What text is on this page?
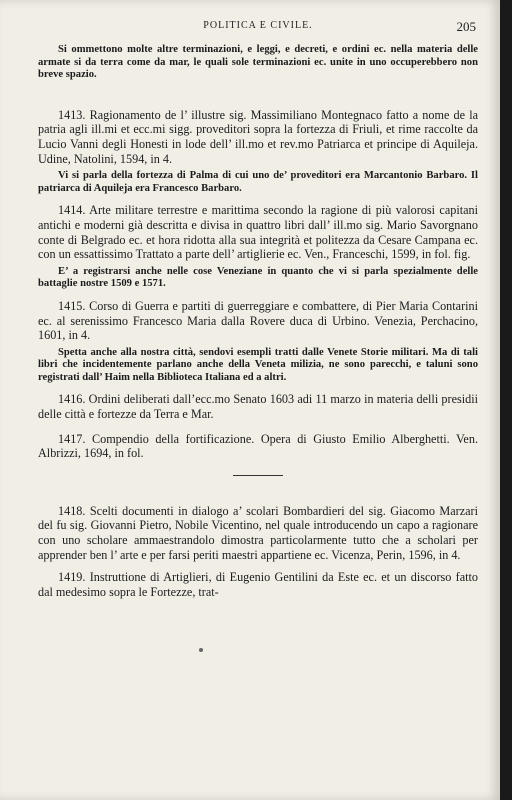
POLITICA E CIVILE.	205

Si ommettono molte altre terminazioni, e leggi, e decreti, e ordini ec. nella materia delle armate si da terra come da mar, le quali sole terminazioni ec. unite in uno occuperebbero non breve spazio.

1413. Ragionamento de l’ illustre sig. Massimiliano Montegnaco fatto a nome de la patria agli ill.mi et ecc.mi sigg. proveditori sopra la fortezza di Friuli, et rime raccolte da Lucio Vanni degli Honesti in lode dell’ ill.mo et rev.mo Patriarca et principe di Aquileja. Udine, Natolini, 1594, in 4.

Vi si parla della fortezza di Palma di cui uno de’ proveditori era Marcantonio Barbaro. Il patriarca di Aquileja era Francesco Barbaro.

1414. Arte militare terrestre e marittima secondo la ragione di più valorosi capitani antichi e moderni già descritta e divisa in quattro libri dall’ ill.mo sig. Mario Savorgnano conte di Belgrado ec. et hora ridotta alla sua integrità et politezza da Cesare Campana ec. con un essattissimo Trattato a parte dell’ artiglierie ec. Ven., Franceschi, 1599, in fol. fig.

E’ a registrarsi anche nelle cose Veneziane in quanto che vi si parla spezialmente delle battaglie nostre 1509 e 1571.

1415. Corso di Guerra e partiti di guerreggiare e combattere, di Pier Maria Contarini ec. al serenissimo Francesco Maria dalla Rovere duca di Urbino. Venezia, Perchacino, 1601, in 4.

Spetta anche alla nostra città, sendovi esempli tratti dalle Venete Storie militari. Ma di tali libri che incidentemente parlano anche della Veneta milizia, ne sono parecchi, e taluni sono registrati dall’ Haim nella Biblioteca Italiana ed a altri.

1416. Ordini deliberati dall’ecc.mo Senato 1603 adi 11 marzo in materia delli presidii delle città e fortezze da Terra e Mar.

1417. Compendio della fortificazione. Opera di Giusto Emilio Alberghetti. Ven. Albrizzi, 1694, in fol.

1418. Scelti documenti in dialogo a’ scolari Bombardieri del sig. Giacomo Marzari del fu sig. Giovanni Pietro, Nobile Vicentino, nel quale introducendo un capo a ragionare con uno scholare ammaestrandolo dimostra particolarmente tutto che a scholari per apprender ben l’ arte e per farsi periti maestri appartiene ec. Vicenza, Perin, 1596, in 4.

1419. Instruttione di Artiglieri, di Eugenio Gentilini da Este ec. et un discorso fatto dal medesimo sopra le Fortezze, trat-
